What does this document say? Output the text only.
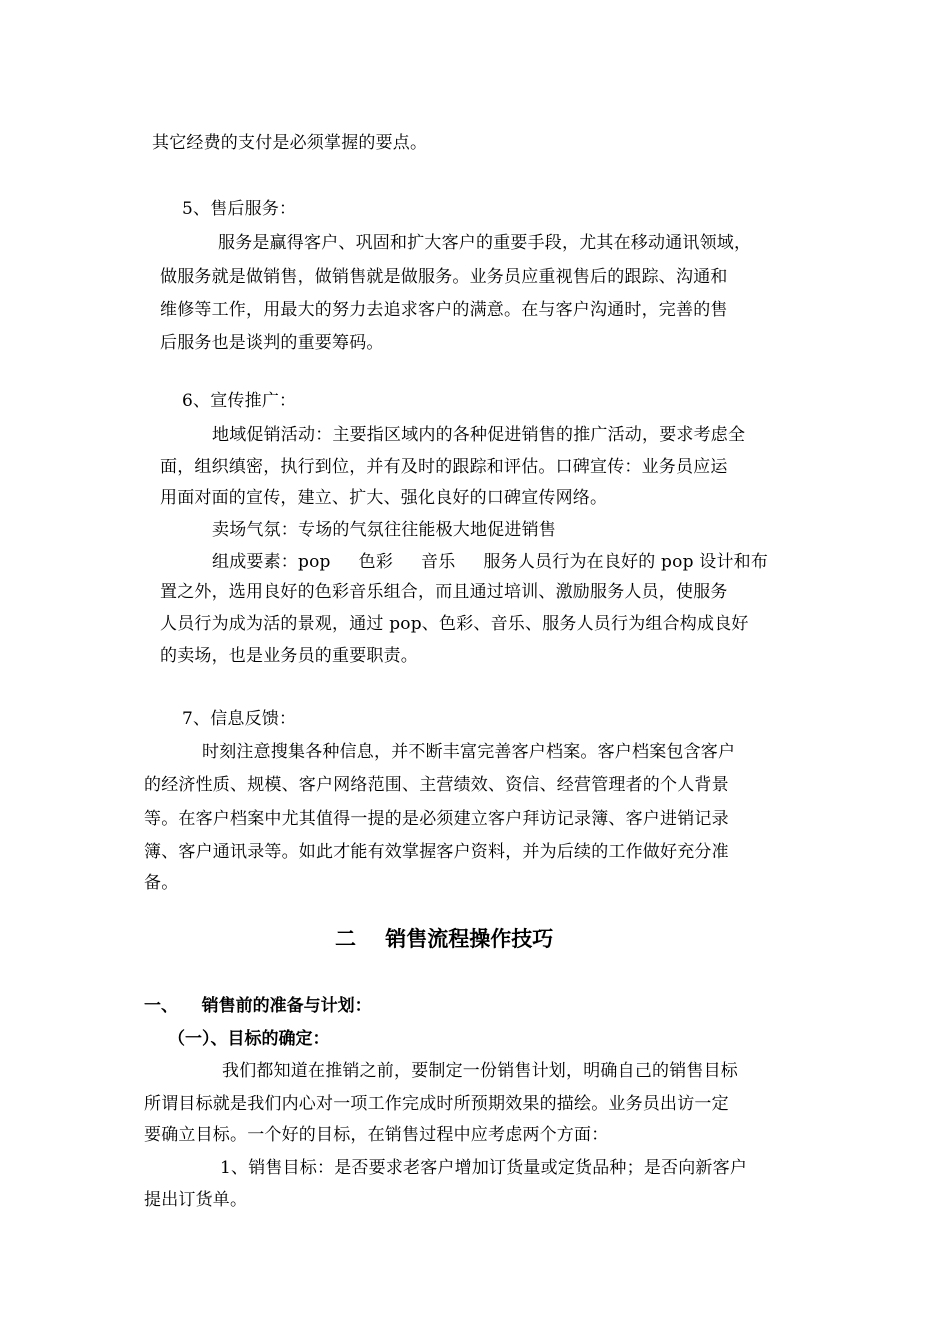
其它经费的支付是必须掌握的要点。
5、售后服务：
服务是赢得客户、巩固和扩大客户的重要手段，尤其在移动通讯领域，
做服务就是做销售，做销售就是做服务。业务员应重视售后的跟踪、沟通和
维修等工作，用最大的努力去追求客户的满意。在与客户沟通时，完善的售
后服务也是谈判的重要筹码。
6、宣传推广：
地域促销活动：主要指区域内的各种促进销售的推广活动，要求考虑全
面，组织缜密，执行到位，并有及时的跟踪和评估。口碑宣传：业务员应运
用面对面的宣传，建立、扩大、强化良好的口碑宣传网络。
卖场气氛：专场的气氛往往能极大地促进销售
组成要素：pop     色彩     音乐     服务人员行为在良好的 pop 设计和布
置之外，选用良好的色彩音乐组合，而且通过培训、激励服务人员，使服务
人员行为成为活的景观，通过 pop、色彩、音乐、服务人员行为组合构成良好
的卖场，也是业务员的重要职责。
7、信息反馈：
时刻注意搜集各种信息，并不断丰富完善客户档案。客户档案包含客户
的经济性质、规模、客户网络范围、主营绩效、资信、经营管理者的个人背景
等。在客户档案中尤其值得一提的是必须建立客户拜访记录簿、客户进销记录
簿、客户通讯录等。如此才能有效掌握客户资料，并为后续的工作做好充分准
备。
二    销售流程操作技巧
一、    销售前的准备与计划：
（一）、目标的确定：
我们都知道在推销之前，要制定一份销售计划，明确自己的销售目标
所谓目标就是我们内心对一项工作完成时所预期效果的描绘。业务员出访一定
要确立目标。一个好的目标，在销售过程中应考虑两个方面：
1、销售目标：是否要求老客户增加订货量或定货品种；是否向新客户
提出订货单。
